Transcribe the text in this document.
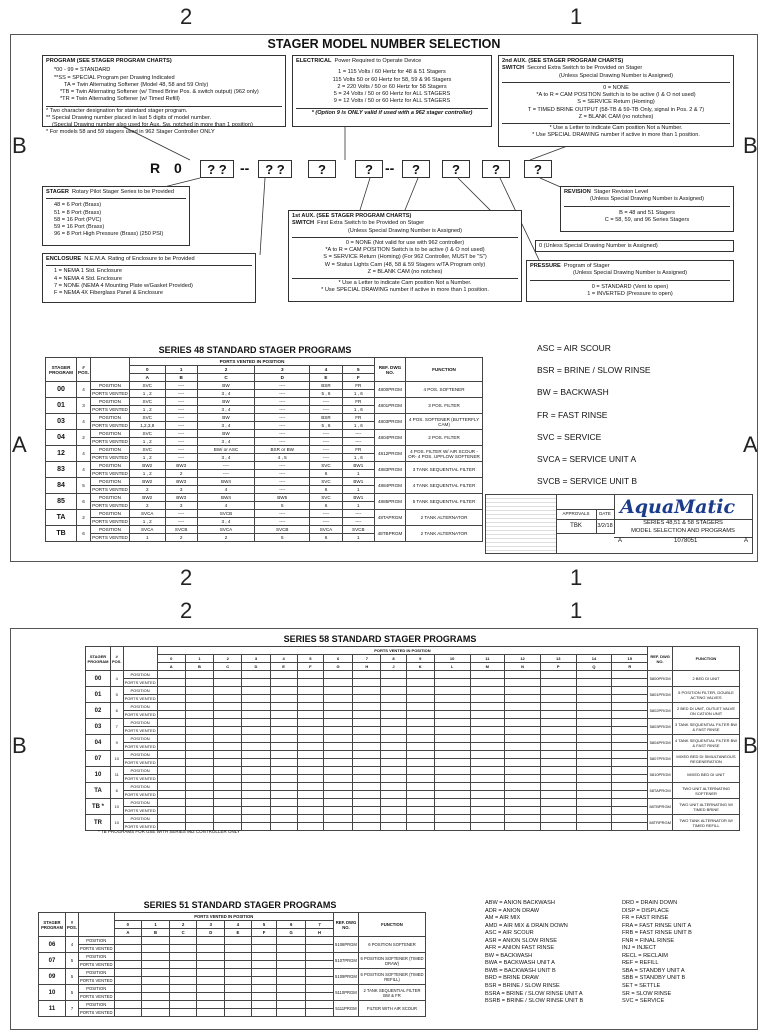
2	1
B
A
B
A
2	1
2	1
B	B
STAGER MODEL NUMBER SELECTION
PROGRAM (SEE STAGER PROGRAM CHARTS)
*00 - 99 = STANDARD
**SS = SPECIAL Program per Drawing Indicated
TA = Twin Alternating Softener (Model 48, 58 and 59 Only)
*TB = Twin Alternating Softener (w/ Timed Brine Pos. & switch output) (962 only)
*TR = Twin Alternating Softener (w/ Timed Refill)
* Two character designation for standard stager program.
** Special Drawing number placed in last 5 digits of model number.
(Special Drawing number also used for Aux. Sw. notched in more than 1 position)
* For models 58 and 59 stagers used in 962 Stager Controller ONLY
ELECTRICAL Power Required to Operate Device
1 = 115 Volts / 60 Hertz for 48 & 51 Stagers
115 Volts 50 or 60 Hertz for 58, 59 & 96 Stagers
2 = 220 Volts / 50 or 60 Hertz for 58 Stagers
5 = 24 Volts / 50 or 60 Hertz for ALL STAGERS
9 = 12 Volts / 50 or 60 Hertz for ALL STAGERS
* (Option 9 is ONLY valid if used with a 962 stager controller)
2nd AUX. (SEE STAGER PROGRAM CHARTS)
SWITCH Second Extra Switch to be Provided on Stager
(Unless Special Drawing Number is Assigned)
0 = NONE
*A to R = CAM POSITION Switch is to be active (I & O not used)
S = SERVICE Return (Homing)
T = TIMED BRINE OUTPUT (58-TB & 59-TB Only, signal in Pos. 2 & 7)
Z = BLANK CAM (no notches)
* Use a Letter to indicate Cam position Not a Number.
* Use SPECIAL DRAWING number if active in more than 1 position.
R 0	? ? --	? ?	?	? --	?	?	?	?
STAGER Rotary Pilot Stager Series to be Provided
48 = 6 Port (Brass)
51 = 8 Port (Brass)
58 = 16 Port (PVC)
59 = 16 Port (Brass)
96 = 8 Port High Pressure (Brass) (250 PSI)
ENCLOSURE N.E.M.A. Rating of Enclosure to be Provided
1 = NEMA 1 Std. Enclosure
4 = NEMA 4 Std. Enclosure
7 = NONE (NEMA 4 Mounting Plate w/Gasket Provided)
F = NEMA 4X Fiberglass Panel & Enclosure
1st AUX. (SEE STAGER PROGRAM CHARTS)
SWITCH First Extra Switch to be Provided on Stager
(Unless Special Drawing Number is Assigned)
0 = NONE (Not valid for use with 962 controller)
*A to R = CAM POSITION Switch is to be active (I & O not used)
S = SERVICE Return (Homing) (For 962 Controller, MUST be "S")
W = Status Lights Cam (48, 58 & 59 Stagers w/TA Program only)
Z = BLANK CAM (no notches)
* Use a Letter to indicate Cam position Not a Number.
* Use SPECIAL DRAWING number if active in more than 1 position.
REVISION Stager Revision Level
(Unless Special Drawing Number is Assigned)
B = 48 and 51 Stagers
C = 58, 59, and 96 Series Stagers
0 (Unless Special Drawing Number is Assigned)
PRESSURE Program of Stager
(Unless Special Drawing Number is Assigned)
0 = STANDARD (Vent to open)
1 = INVERTED (Pressure to open)
SERIES 48 STANDARD STAGER PROGRAMS
STAGER PROGRAM	# POS.		PORTS VENTED IN POSITION						REF. DWG NO.	FUNCTION
			0	1	2	3	4	5		
			A	B	C	D	E	F		
00	4	POSITION	SVC	----	BW	----	BSR	FR	4800PRGM	4 POS. SOFTENER
		PORTS VENTED	1 , 2	----	3 , 4	----	5 , 6	1 , 6		
01	3	POSITION	SVC	----	BW	----	----	FR	4801PRGM	3 POS. FILTER
		PORTS VENTED	1 , 2	----	3 , 4	----	----	1 , 6		
03	4	POSITION	SVC	----	BW	----	BSR	FR	4803PRGM	4 POS. SOFTENER (BUTTERFLY CAM)
		PORTS VENTED	1,2,3,8	----	3 , 4	----	5 , 6	1 , 6		
04	2	POSITION	SVC	----	BW	----	----	----	4804PRGM	2 POS. FILTER
		PORTS VENTED	1 , 2	----	3 , 4	----	----	----		
12	4	POSITION	SVC	----	BW/ or ASC	BSR or BW	----	FR	4812PRGM	4 POS. FILTER W/ AIR SCOUR -OR- 4 POS. UPFLOW SOFTENER
		PORTS VENTED	1 , 2	----	3 , 4	4 , 5	----	1 , 6		
83	4	POSITION	BW2	BW3	----	----	SVC	BW1	4883PRGM	3 TANK SEQUENTIAL FILTER
		PORTS VENTED	1 , 2	2	----	----	6	1		
84	5	POSITION	BW2	BW3	BW4	----	SVC	BW1	4884PRGM	4 TANK SEQUENTIAL FILTER
		PORTS VENTED	2	3	4	----	6	1		
85	6	POSITION	BW2	BW3	BW4	BW5	SVC	BW1	4885PRGM	5 TANK SEQUENTIAL FILTER
		PORTS VENTED	2	3	4	5	6	1		
TA	2	POSITION	SVCA	----	SVCB	----	----	----	48TAPRGM	2 TANK ALTERNATOR
		PORTS VENTED	1 , 2	----	3 , 4	----	----	----		
TB	6	POSITION	SVCA	SVCB	SVCA	SVCB	SVCA	SVCB	48TBPRGM	2 TANK ALTERNATOR
		PORTS VENTED	1	2	2	5	6	1		
ASC = AIR SCOUR
BSR = BRINE / SLOW RINSE
BW = BACKWASH
FR = FAST RINSE
SVC = SERVICE
SVCA = SERVICE UNIT A
SVCB = SERVICE UNIT B
APPROVALS	DATE
TBK	3/2/18
AquaMatic
SERIES 48,51 & 58 STAGERS
MODEL SELECTION AND PROGRAMS
A	1078051	A
SERIES 58 STANDARD STAGER PROGRAMS
STAGER PROGRAM	# POS.		PORTS VENTED IN POSITION																REF. DWG NO.	FUNCTION
			0	1	2	3	4	5	6	7	8	9	10	11	12	13	14	15		
			A	B	C	D	E	F	G	H	J	K	L	M	N	P	Q	R		
00	4	POSITION																	5800PRGM	2 BED DI UNIT
		PORTS VENTED																		
01	5	POSITION																	5801PRGM	5 POSITION FILTER, DOUBLE ACTING VALVES
		PORTS VENTED																		
02	6	POSITION																	5802PRGM	2 BED DI UNIT, OUTLET VALVE ON CATION UNIT
		PORTS VENTED																		
03	7	POSITION																	5803PRGM	3 TANK SEQUENTIAL FILTER BW & FAST RINSE
		PORTS VENTED																		
04	9	POSITION																	5804PRGM	4 TANK SEQUENTIAL FILTER BW & FAST RINSE
		PORTS VENTED																		
07	10	POSITION																	5807PRGM	MIXED BED DI SIMULTANEOUS REGENERATION
		PORTS VENTED																		
10	11	POSITION																	5810PRGM	MIXED BED DI UNIT
		PORTS VENTED																		
TA	6	POSITION																	58TAPRGM	TWO UNIT ALTERNATING SOFTENER
		PORTS VENTED																		
TB *	10	POSITION																	58TBPRGM	TWO UNIT ALTERNATING W/ TIMED BRINE
		PORTS VENTED																		
TR	10	POSITION																	58TRPRGM	TWO TANK ALTERNATOR W/ TIMED REFILL
		PORTS VENTED																		
* TB PROGRAMS FOR USE WITH SERIES 962 CONTROLLER ONLY
SERIES 51 STANDARD STAGER PROGRAMS
STAGER PROGRAM	# POS.		PORTS VENTED IN POSITION								REF. DWG NO.	FUNCTION
			0	1	2	3	4	5	6	7		
			A	B	C	D	E	F	G	H		
06	4	POSITION									5106PRGM	6 POSITION SOFTENER
		PORTS VENTED										
07	5	POSITION									5107PRGM	6 POSITION SOFTENER (TIMED DRAW)
		PORTS VENTED										
09	5	POSITION									5109PRGM	6 POSITION SOFTENER (TIMED REFILL)
		PORTS VENTED										
10	5	POSITION									5110PRGM	2 TANK SEQUENTIAL FILTER BW & FR
		PORTS VENTED										
11	7	POSITION									5111PRGM	FILTER WITH AIR SCOUR
		PORTS VENTED										
ABW = ANION BACKWASH
ADR = ANION DRAW
AM = AIR MIX
AMD = AIR MIX & DRAIN DOWN
ASC = AIR SCOUR
ASR = ANION SLOW RINSE
AFR = ANION FAST RINSE
BW = BACKWASH
BWA = BACKWASH UNIT A
BWB = BACKWASH UNIT B
BRD = BRINE DRAW
BSR = BRINE / SLOW RINSE
BSRA = BRINE / SLOW RINSE UNIT A
BSRB = BRINE / SLOW RINSE UNIT B
DRD = DRAIN DOWN
DISP = DISPLACE
FR = FAST RINSE
FRA = FAST RINSE UNIT A
FRB = FAST RINSE UNIT B
FNR = FINAL RINSE
INJ = INJECT
RECL = RECLAIM
REF = REFILL
SBA = STANDBY UNIT A
SBB = STANDBY UNIT B
SET = SETTLE
SR = SLOW RINSE
SVC = SERVICE
